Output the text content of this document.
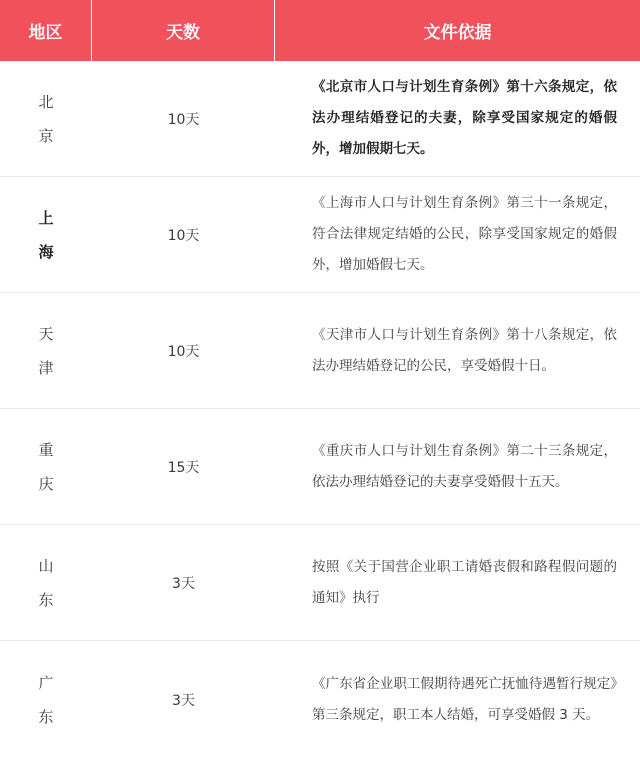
地区	天数	文件依据
北京
10天
《北京市人口与计划生育条例》第十六条规定，依法办理结婚登记的夫妻，除享受国家规定的婚假外，增加假期七天。
上海
10天
《上海市人口与计划生育条例》第三十一条规定，符合法律规定结婚的公民，除享受国家规定的婚假外，增加婚假七天。
天津
10天
《天津市人口与计划生育条例》第十八条规定，依法办理结婚登记的公民，享受婚假十日。
重庆
15天
《重庆市人口与计划生育条例》第二十三条规定，依法办理结婚登记的夫妻享受婚假十五天。
山东
3天
按照《关于国营企业职工请婚丧假和路程假问题的通知》执行
广东
3天
《广东省企业职工假期待遇死亡抚恤待遇暂行规定》第三条规定，职工本人结婚，可享受婚假 3 天。
